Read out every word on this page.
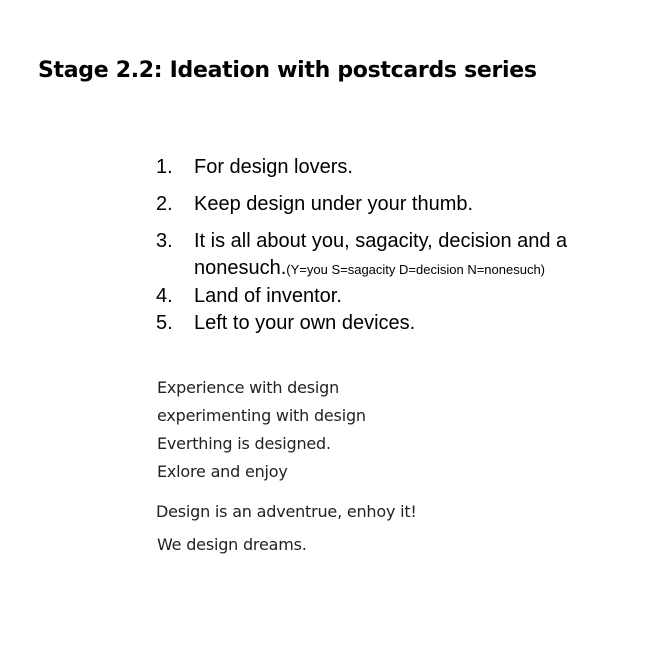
Stage 2.2: Ideation with postcards series
1. For design lovers.
2. Keep design under your thumb.
3. It is all about you, sagacity, decision and a nonesuch.(Y=you S=sagacity D=decision N=nonesuch)
4. Land of inventor.
5. Left to your own devices.
Experience with design
experimenting with design
Everthing is designed.
Exlore and enjoy
Design is an adventrue, enhoy it!
We design dreams.
